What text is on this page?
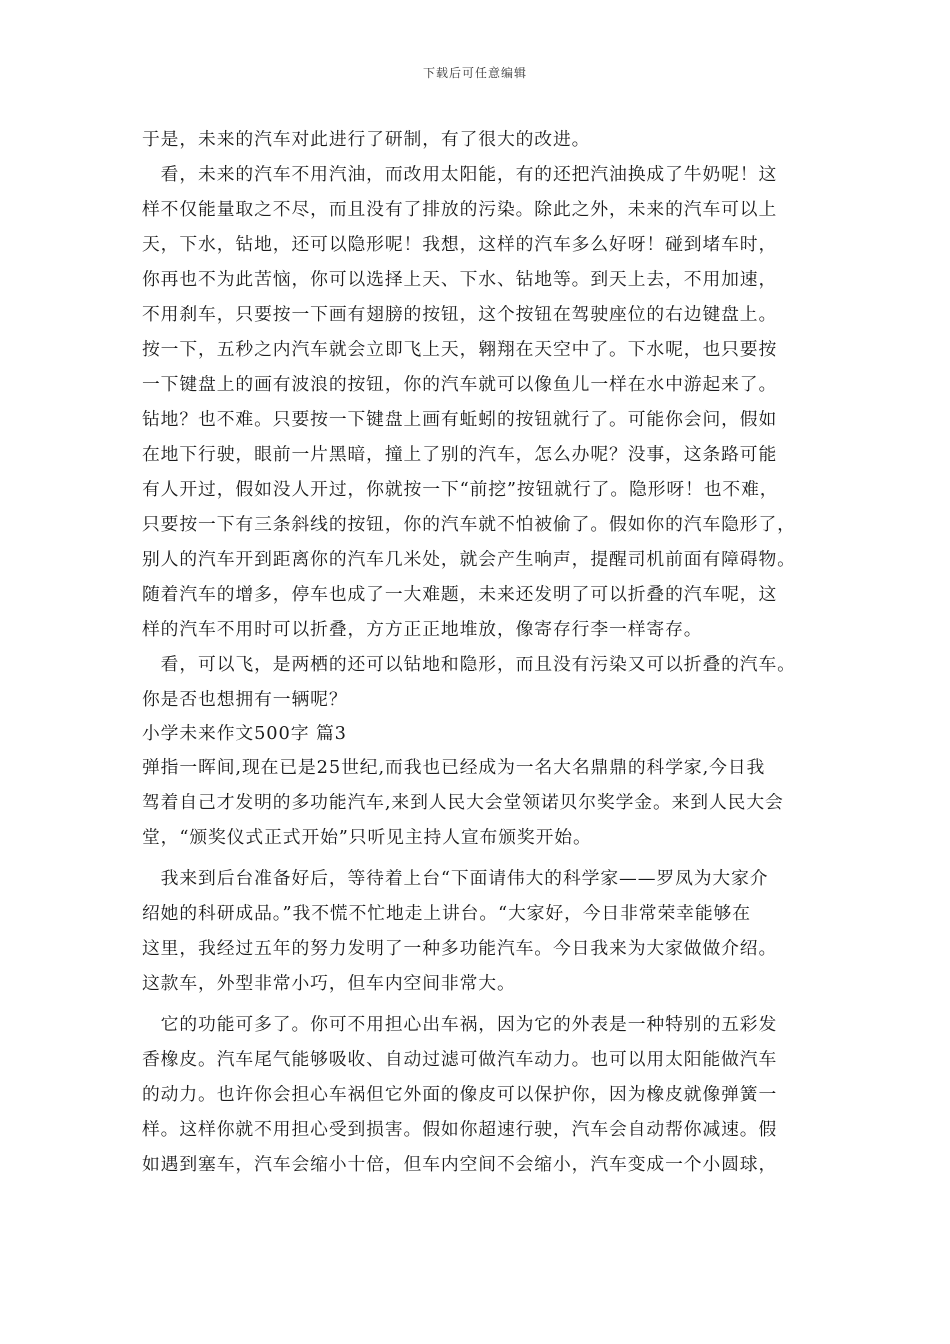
下载后可任意编辑
于是，未来的汽车对此进行了研制，有了很大的改进。
　看，未来的汽车不用汽油，而改用太阳能，有的还把汽油换成了牛奶呢！这
样不仅能量取之不尽，而且没有了排放的污染。除此之外，未来的汽车可以上
天，下水，钻地，还可以隐形呢！我想，这样的汽车多么好呀！碰到堵车时，
你再也不为此苦恼，你可以选择上天、下水、钻地等。到天上去，不用加速，
不用刹车，只要按一下画有翅膀的按钮，这个按钮在驾驶座位的右边键盘上。
按一下，五秒之内汽车就会立即飞上天，翱翔在天空中了。下水呢，也只要按
一下键盘上的画有波浪的按钮，你的汽车就可以像鱼儿一样在水中游起来了。
钻地？也不难。只要按一下键盘上画有蚯蚓的按钮就行了。可能你会问，假如
在地下行驶，眼前一片黑暗，撞上了别的汽车，怎么办呢？没事，这条路可能
有人开过，假如没人开过，你就按一下“前挖”按钮就行了。隐形呀！也不难，
只要按一下有三条斜线的按钮，你的汽车就不怕被偷了。假如你的汽车隐形了，
别人的汽车开到距离你的汽车几米处，就会产生响声，提醒司机前面有障碍物。
随着汽车的增多，停车也成了一大难题，未来还发明了可以折叠的汽车呢，这
样的汽车不用时可以折叠，方方正正地堆放，像寄存行李一样寄存。
　看，可以飞，是两栖的还可以钻地和隐形，而且没有污染又可以折叠的汽车。
你是否也想拥有一辆呢？
小学未来作文500字 篇3
弹指一晖间,现在已是25世纪,而我也已经成为一名大名鼎鼎的科学家,今日我
驾着自己才发明的多功能汽车,来到人民大会堂领诺贝尔奖学金。来到人民大会
堂，“颁奖仪式正式开始”只听见主持人宣布颁奖开始。
　我来到后台准备好后，等待着上台“下面请伟大的科学家——罗凤为大家介
绍她的科研成品。”我不慌不忙地走上讲台。“大家好，今日非常荣幸能够在
这里，我经过五年的努力发明了一种多功能汽车。今日我来为大家做做介绍。
这款车，外型非常小巧，但车内空间非常大。
　它的功能可多了。你可不用担心出车祸，因为它的外表是一种特别的五彩发
香橡皮。汽车尾气能够吸收、自动过滤可做汽车动力。也可以用太阳能做汽车
的动力。也许你会担心车祸但它外面的像皮可以保护你，因为橡皮就像弹簧一
样。这样你就不用担心受到损害。假如你超速行驶，汽车会自动帮你减速。假
如遇到塞车，汽车会缩小十倍，但车内空间不会缩小，汽车变成一个小圆球，
